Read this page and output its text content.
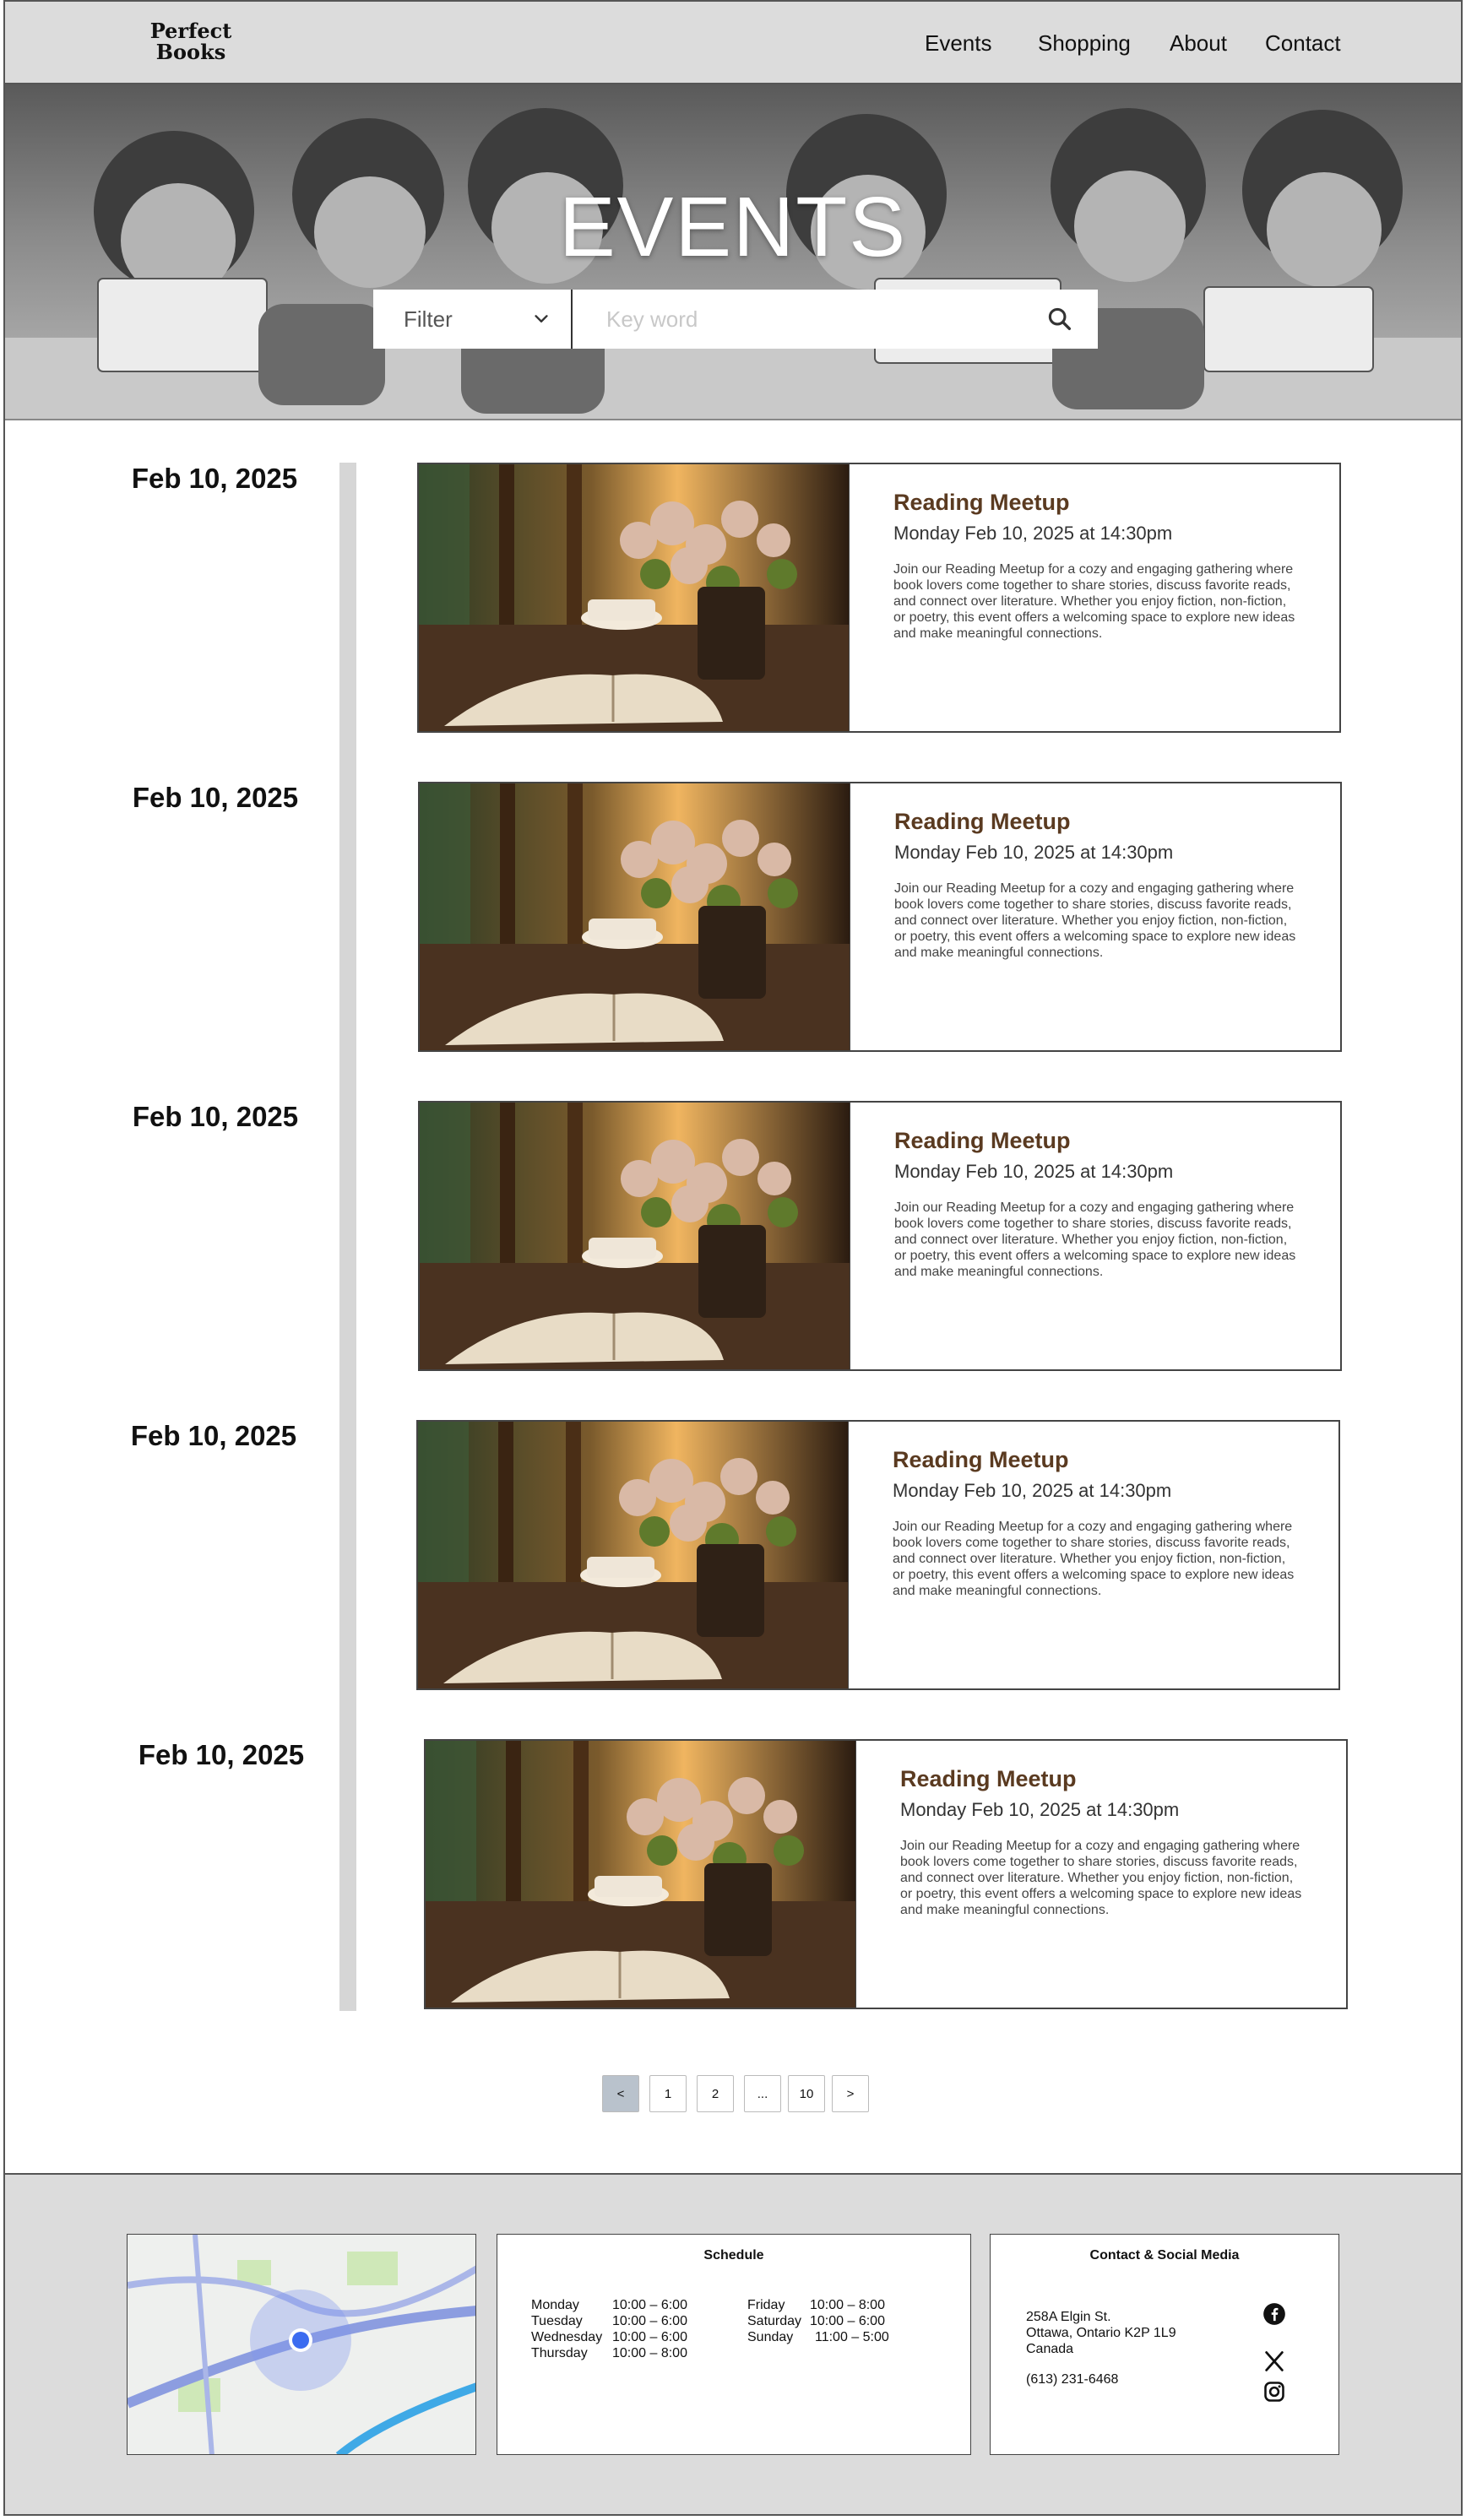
Perfect
Books	Events Shopping About Contact
EVENTS
Filter
Key word
Feb 10, 2025
Reading Meetup
Monday Feb 10, 2025 at 14:30pm
Join our Reading Meetup for a cozy and engaging gathering where book lovers come together to share stories, discuss favorite reads, and connect over literature. Whether you enjoy fiction, non-fiction, or poetry, this event offers a welcoming space to explore new ideas and make meaningful connections.
Feb 10, 2025
Reading Meetup
Monday Feb 10, 2025 at 14:30pm
Join our Reading Meetup for a cozy and engaging gathering where book lovers come together to share stories, discuss favorite reads, and connect over literature. Whether you enjoy fiction, non-fiction, or poetry, this event offers a welcoming space to explore new ideas and make meaningful connections.
Feb 10, 2025
Reading Meetup
Monday Feb 10, 2025 at 14:30pm
Join our Reading Meetup for a cozy and engaging gathering where book lovers come together to share stories, discuss favorite reads, and connect over literature. Whether you enjoy fiction, non-fiction, or poetry, this event offers a welcoming space to explore new ideas and make meaningful connections.
Feb 10, 2025
Reading Meetup
Monday Feb 10, 2025 at 14:30pm
Join our Reading Meetup for a cozy and engaging gathering where book lovers come together to share stories, discuss favorite reads, and connect over literature. Whether you enjoy fiction, non-fiction, or poetry, this event offers a welcoming space to explore new ideas and make meaningful connections.
Feb 10, 2025
Reading Meetup
Monday Feb 10, 2025 at 14:30pm
Join our Reading Meetup for a cozy and engaging gathering where book lovers come together to share stories, discuss favorite reads, and connect over literature. Whether you enjoy fiction, non-fiction, or poetry, this event offers a welcoming space to explore new ideas and make meaningful connections.
<	1	2	...	10	>
Schedule
Monday	10:00 – 6:00
Tuesday	10:00 – 6:00
Wednesday 10:00 – 6:00
Thursday	10:00 – 8:00
Friday	10:00 – 8:00
Saturday 10:00 – 6:00
Sunday	11:00 – 5:00
Contact & Social Media
258A Elgin St.
Ottawa, Ontario K2P 1L9
Canada
(613) 231-6468
